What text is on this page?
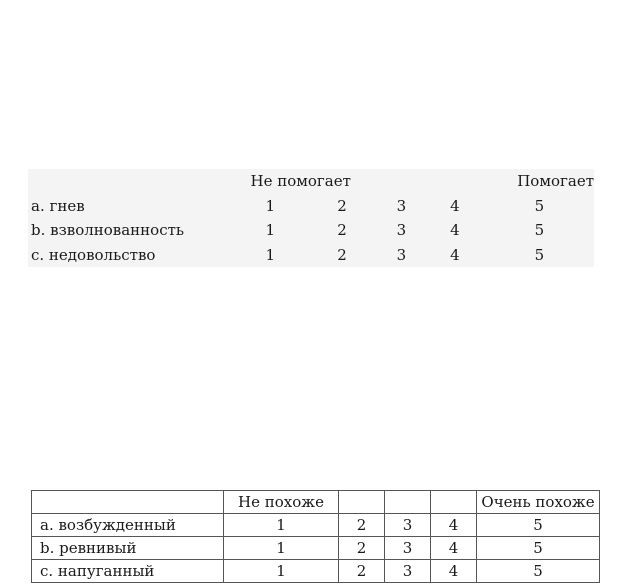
	Не помогает				Помогает
a. гнев	1	2	3	4	5
b. взволнованность	1	2	3	4	5
c. недовольство	1	2	3	4	5
	Не похоже				Очень похоже
a. возбужденный	1	2	3	4	5
b. ревнивый	1	2	3	4	5
c. напуганный	1	2	3	4	5
